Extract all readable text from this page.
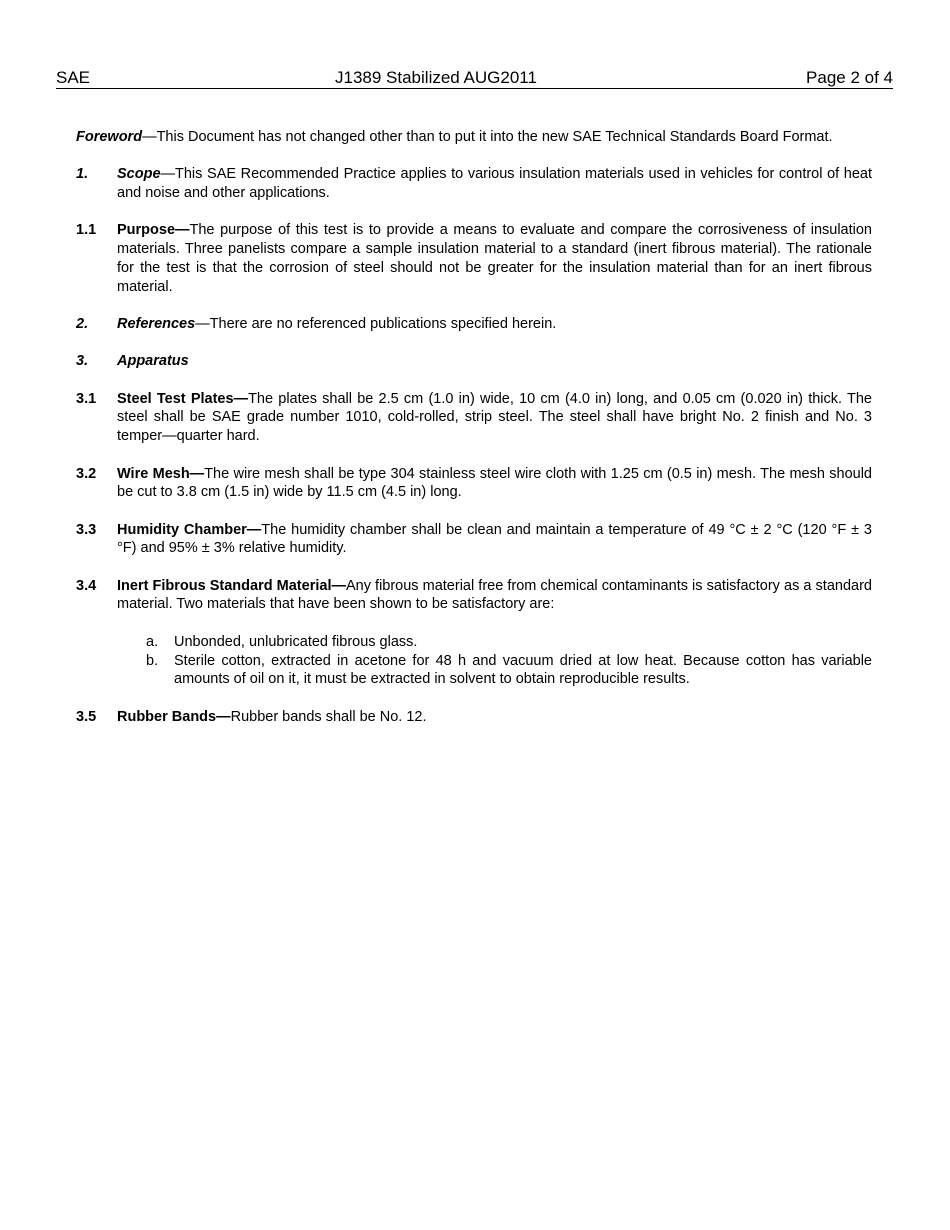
SAE	J1389 Stabilized AUG2011	Page 2 of 4

Foreword—This Document has not changed other than to put it into the new SAE Technical Standards Board Format.

1.	Scope—This SAE Recommended Practice applies to various insulation materials used in vehicles for control of heat and noise and other applications.
1.1	Purpose—The purpose of this test is to provide a means to evaluate and compare the corrosiveness of insulation materials. Three panelists compare a sample insulation material to a standard (inert fibrous material). The rationale for the test is that the corrosion of steel should not be greater for the insulation material than for an inert fibrous material.
2.	References—There are no referenced publications specified herein.
3.	Apparatus
3.1	Steel Test Plates—The plates shall be 2.5 cm (1.0 in) wide, 10 cm (4.0 in) long, and 0.05 cm (0.020 in) thick. The steel shall be SAE grade number 1010, cold-rolled, strip steel. The steel shall have bright No. 2 finish and No. 3 temper—quarter hard.
3.2	Wire Mesh—The wire mesh shall be type 304 stainless steel wire cloth with 1.25 cm (0.5 in) mesh. The mesh should be cut to 3.8 cm (1.5 in) wide by 11.5 cm (4.5 in) long.
3.3	Humidity Chamber—The humidity chamber shall be clean and maintain a temperature of 49 °C ± 2 °C (120 °F ± 3 °F) and 95% ± 3% relative humidity.
3.4	Inert Fibrous Standard Material—Any fibrous material free from chemical contaminants is satisfactory as a standard material. Two materials that have been shown to be satisfactory are:
a.	Unbonded, unlubricated fibrous glass.
b.	Sterile cotton, extracted in acetone for 48 h and vacuum dried at low heat. Because cotton has variable amounts of oil on it, it must be extracted in solvent to obtain reproducible results.
3.5	Rubber Bands—Rubber bands shall be No. 12.
